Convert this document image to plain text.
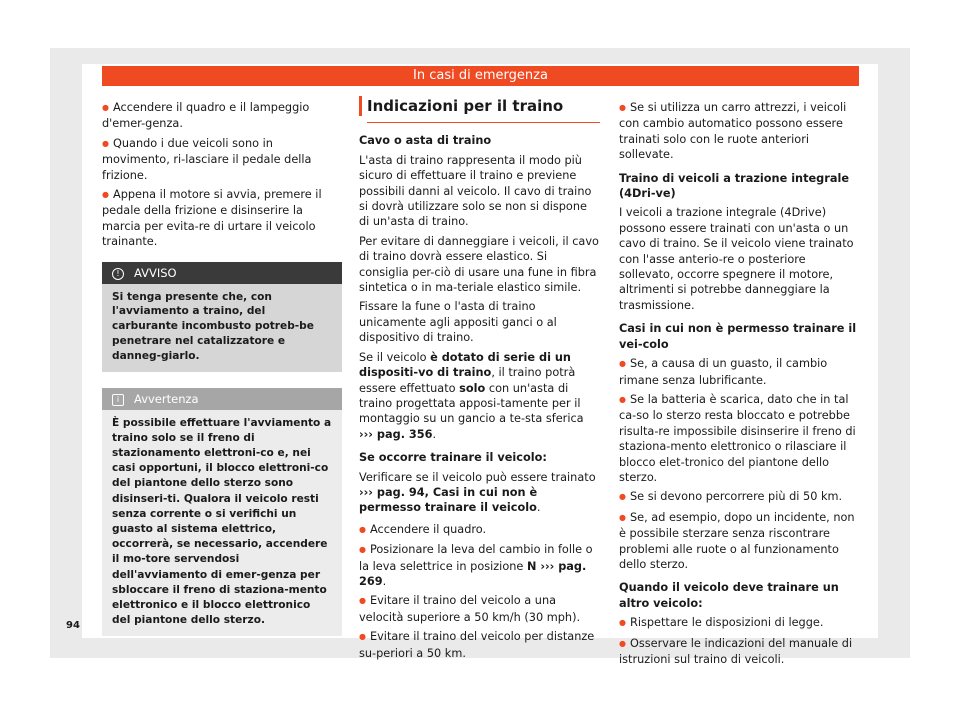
In casi di emergenza

● Accendere il quadro e il lampeggio d'emer-genza.

● Quando i due veicoli sono in movimento, ri-lasciare il pedale della frizione.

● Appena il motore si avvia, premere il pedale della frizione e disinserire la marcia per evita-re di urtare il veicolo trainante.

! AVVISO
Si tenga presente che, con l'avviamento a traino, del carburante incombusto potreb-be penetrare nel catalizzatore e danneg-giarlo.
i Avvertenza
È possibile effettuare l'avviamento a traino solo se il freno di stazionamento elettroni-co e, nei casi opportuni, il blocco elettroni-co del piantone dello sterzo sono disinseri-ti. Qualora il veicolo resti senza corrente o si verifichi un guasto al sistema elettrico, occorrerà, se necessario, accendere il mo-tore servendosi dell'avviamento di emer-genza per sbloccare il freno di staziona-mento elettronico e il blocco elettronico del piantone dello sterzo.
Indicazioni per il traino

Cavo o asta di traino

L'asta di traino rappresenta il modo più sicuro di effettuare il traino e previene possibili danni al veicolo. Il cavo di traino si dovrà utilizzare solo se non si dispone di un'asta di traino.

Per evitare di danneggiare i veicoli, il cavo di traino dovrà essere elastico. Si consiglia per-ciò di usare una fune in fibra sintetica o in ma-teriale elastico simile.

Fissare la fune o l'asta di traino unicamente agli appositi ganci o al dispositivo di traino.

Se il veicolo è dotato di serie di un dispositi-vo di traino, il traino potrà essere effettuato solo con un'asta di traino progettata apposi-tamente per il montaggio su un gancio a te-sta sferica ››› pag. 356.

Se occorre trainare il veicolo:

Verificare se il veicolo può essere trainato ››› pag. 94, Casi in cui non è permesso trainare il veicolo.

● Accendere il quadro.

● Posizionare la leva del cambio in folle o la leva selettrice in posizione N ››› pag. 269.

● Evitare il traino del veicolo a una velocità superiore a 50 km/h (30 mph).

● Evitare il traino del veicolo per distanze su-periori a 50 km.

● Se si utilizza un carro attrezzi, i veicoli con cambio automatico possono essere trainati solo con le ruote anteriori sollevate.

Traino di veicoli a trazione integrale (4Dri-ve)

I veicoli a trazione integrale (4Drive) possono essere trainati con un'asta o un cavo di traino. Se il veicolo viene trainato con l'asse anterio-re o posteriore sollevato, occorre spegnere il motore, altrimenti si potrebbe danneggiare la trasmissione.

Casi in cui non è permesso trainare il vei-colo

● Se, a causa di un guasto, il cambio rimane senza lubrificante.

● Se la batteria è scarica, dato che in tal ca-so lo sterzo resta bloccato e potrebbe risulta-re impossibile disinserire il freno di staziona-mento elettronico o rilasciare il blocco elet-tronico del piantone dello sterzo.

● Se si devono percorrere più di 50 km.

● Se, ad esempio, dopo un incidente, non è possibile sterzare senza riscontrare problemi alle ruote o al funzionamento dello sterzo.

Quando il veicolo deve trainare un altro veicolo:

● Rispettare le disposizioni di legge.

● Osservare le indicazioni del manuale di istruzioni sul traino di veicoli.

94
